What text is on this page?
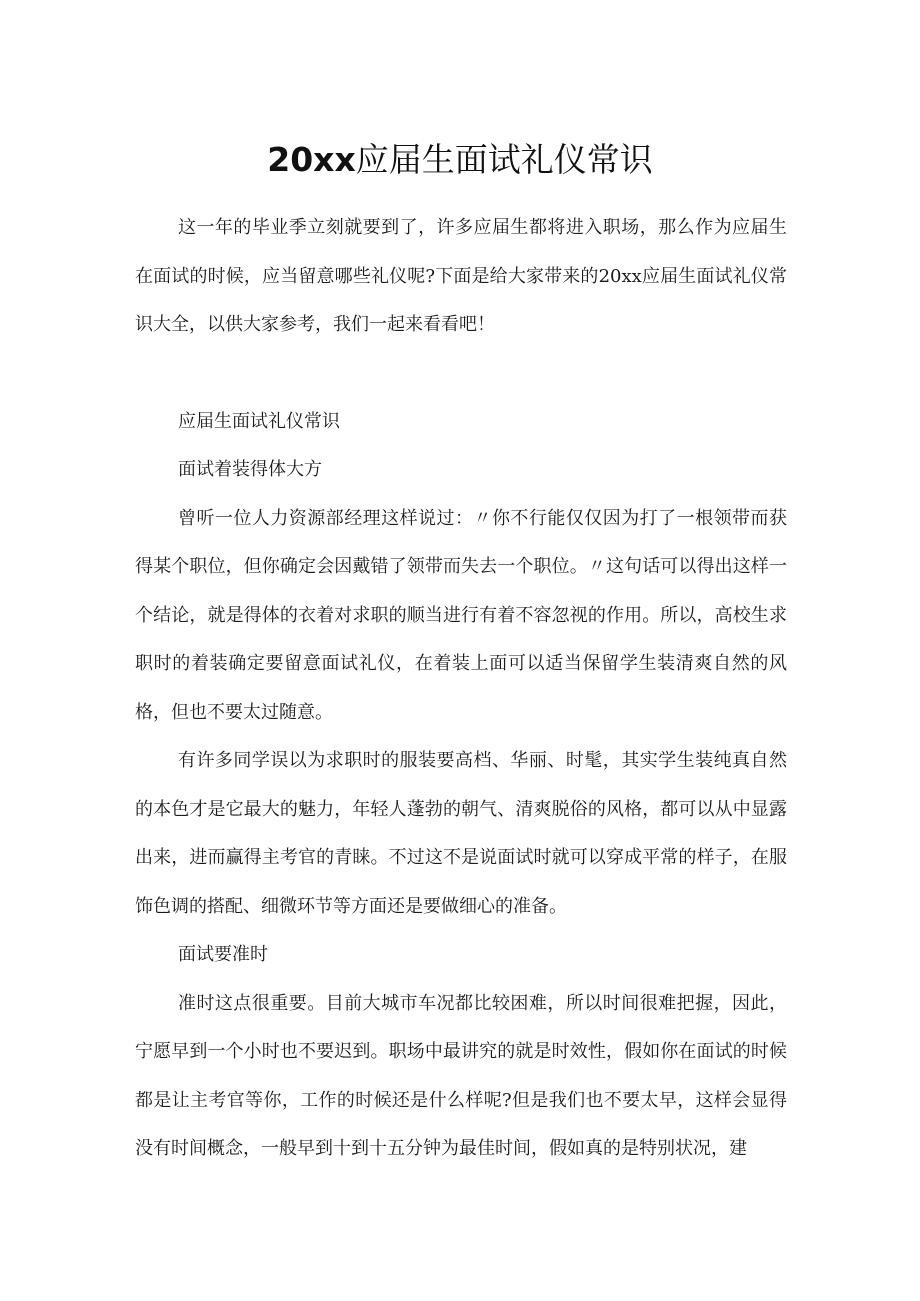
20xx应届生面试礼仪常识

这一年的毕业季立刻就要到了，许多应届生都将进入职场，那么作为应届生在面试的时候，应当留意哪些礼仪呢?下面是给大家带来的20xx应届生面试礼仪常识大全，以供大家参考，我们一起来看看吧！

应届生面试礼仪常识

面试着装得体大方

曾听一位人力资源部经理这样说过：〃你不行能仅仅因为打了一根领带而获得某个职位，但你确定会因戴错了领带而失去一个职位。〃这句话可以得出这样一个结论，就是得体的衣着对求职的顺当进行有着不容忽视的作用。所以，高校生求职时的着装确定要留意面试礼仪，在着装上面可以适当保留学生装清爽自然的风格，但也不要太过随意。

有许多同学误以为求职时的服装要高档、华丽、时髦，其实学生装纯真自然的本色才是它最大的魅力，年轻人蓬勃的朝气、清爽脱俗的风格，都可以从中显露出来，进而赢得主考官的青睐。不过这不是说面试时就可以穿成平常的样子，在服饰色调的搭配、细微环节等方面还是要做细心的准备。

面试要准时

准时这点很重要。目前大城市车况都比较困难，所以时间很难把握，因此，宁愿早到一个小时也不要迟到。职场中最讲究的就是时效性，假如你在面试的时候都是让主考官等你，工作的时候还是什么样呢?但是我们也不要太早，这样会显得没有时间概念，一般早到十到十五分钟为最佳时间，假如真的是特别状况，建
